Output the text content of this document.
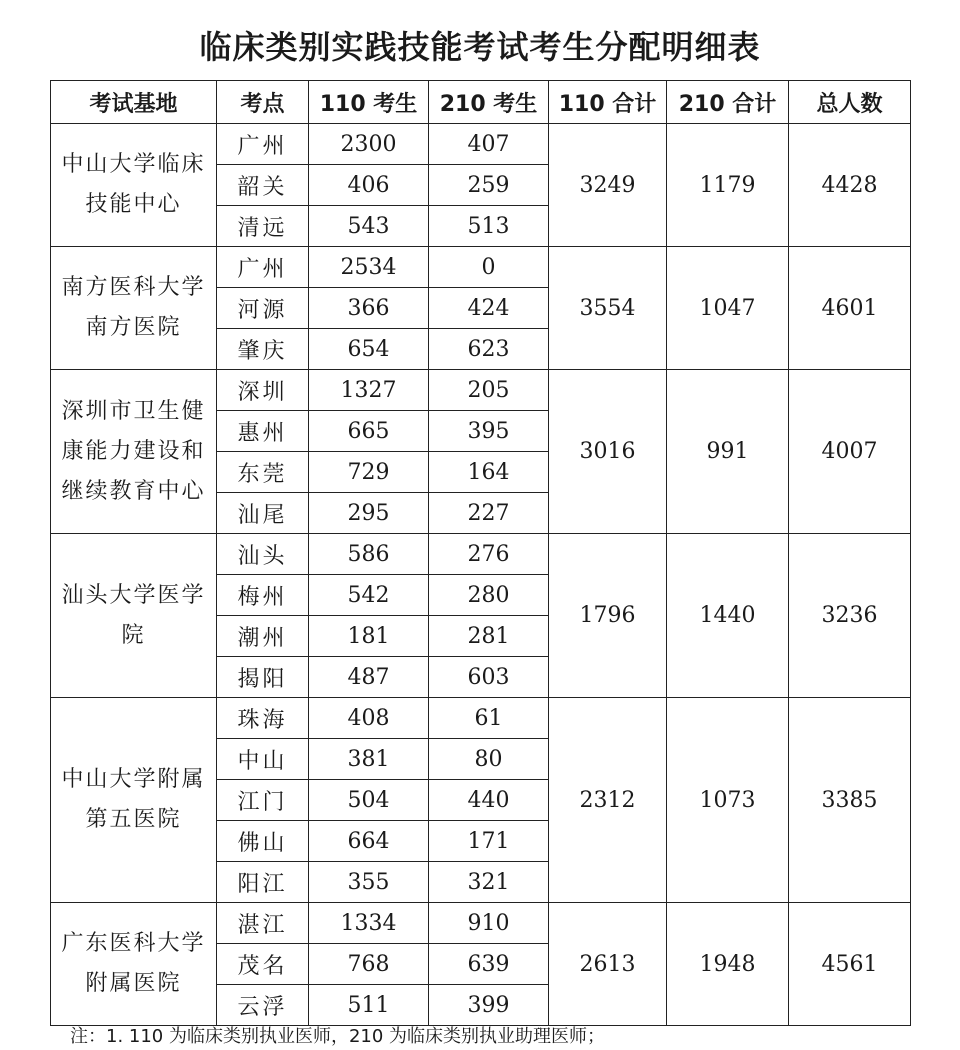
临床类别实践技能考试考生分配明细表
考试基地	考点	110 考生	210 考生	110 合计	210 合计	总人数
中山大学临床技能中心	广州	2300	407	3249	1179	4428
	韶关	406	259			
	清远	543	513			
南方医科大学南方医院	广州	2534	0	3554	1047	4601
	河源	366	424			
	肇庆	654	623			
深圳市卫生健康能力建设和继续教育中心	深圳	1327	205	3016	991	4007
	惠州	665	395			
	东莞	729	164			
	汕尾	295	227			
汕头大学医学院	汕头	586	276	1796	1440	3236
	梅州	542	280			
	潮州	181	281			
	揭阳	487	603			
中山大学附属第五医院	珠海	408	61	2312	1073	3385
	中山	381	80			
	江门	504	440			
	佛山	664	171			
	阳江	355	321			
广东医科大学附属医院	湛江	1334	910	2613	1948	4561
	茂名	768	639			
	云浮	511	399			
注：1. 110 为临床类别执业医师，210 为临床类别执业助理医师；
